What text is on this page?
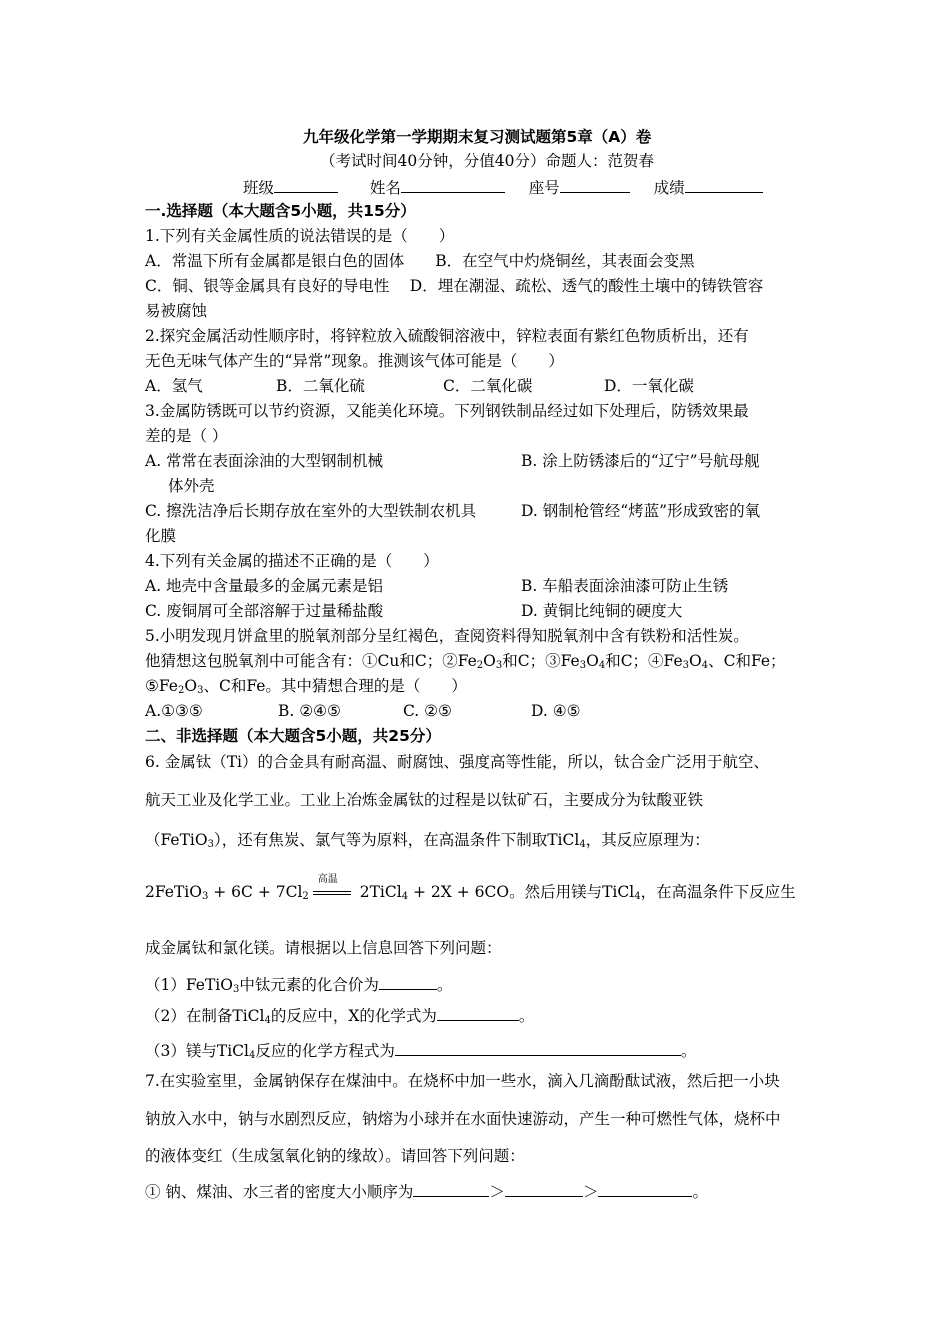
九年级化学第一学期期末复习测试题第5章（A）卷
（考试时间40分钟，分值40分）命题人：范贺春
班级	姓名	座号	成绩
一.选择题（本大题含5小题，共15分）
1.下列有关金属性质的说法错误的是（　　）
A．常温下所有金属都是银白色的固体　　B．在空气中灼烧铜丝，其表面会变黑
C．铜、银等金属具有良好的导电性　 D．埋在潮湿、疏松、透气的酸性土壤中的铸铁管容
易被腐蚀
2.探究金属活动性顺序时，将锌粒放入硫酸铜溶液中，锌粒表面有紫红色物质析出，还有
无色无味气体产生的“异常”现象。推测该气体可能是（　　）
A．氢气	B．二氧化硫	C．二氧化碳	D．一氧化碳
3.金属防锈既可以节约资源，又能美化环境。下列钢铁制品经过如下处理后，防锈效果最
差的是（ ）
A. 常常在表面涂油的大型钢制机械	B. 涂上防锈漆后的“辽宁”号航母舰
体外壳
C. 擦洗洁净后长期存放在室外的大型铁制农机具	D. 钢制枪管经“烤蓝”形成致密的氧
化膜
4.下列有关金属的描述不正确的是（　　）
A. 地壳中含量最多的金属元素是铝	B. 车船表面涂油漆可防止生锈
C. 废铜屑可全部溶解于过量稀盐酸	D. 黄铜比纯铜的硬度大
5.小明发现月饼盒里的脱氧剂部分呈红褐色，查阅资料得知脱氧剂中含有铁粉和活性炭。
他猜想这包脱氧剂中可能含有：①Cu和C；$②Fe_2O_3$和C；$③Fe_3O_4$和C；$④Fe_3O_4$、C和Fe；
$⑤Fe_2O_3$、C和Fe。其中猜想合理的是（　　）
A.①③⑤	B. ②④⑤	C. ②⑤	D. ④⑤
二、非选择题（本大题含5小题，共25分）
6. 金属钛（Ti）的合金具有耐高温、耐腐蚀、强度高等性能，所以，钛合金广泛用于航空、
航天工业及化学工业。工业上冶炼金属钛的过程是以钛矿石，主要成分为钛酸亚铁
（FeTiO$_3$），还有焦炭、氯气等为原料，在高温条件下制取TiCl$_4$，其反应原理为：
2FeTiO$_3$ + $6C + 7Cl_2$
高温
2TiCl$_4$ + 2X + 6CO。然后用镁与TiCl$_4$，在高温条件下反应生
成金属钛和氯化镁。请根据以上信息回答下列问题：
（1）FeTiO$_3$中钛元素的化合价为	。
（2）在制备TiCl$_4$的反应中，X的化学式为	。
（3）镁与TiCl$_4$反应的化学方程式为	。
7.在实验室里，金属钠保存在煤油中。在烧杯中加一些水，滴入几滴酚酞试液，然后把一小块
钠放入水中，钠与水剧烈反应，钠熔为小球并在水面快速游动，产生一种可燃性气体，烧杯中
的液体变红（生成氢氧化钠的缘故）。请回答下列问题：
① 钠、煤油、水三者的密度大小顺序为	＞	＞	。
